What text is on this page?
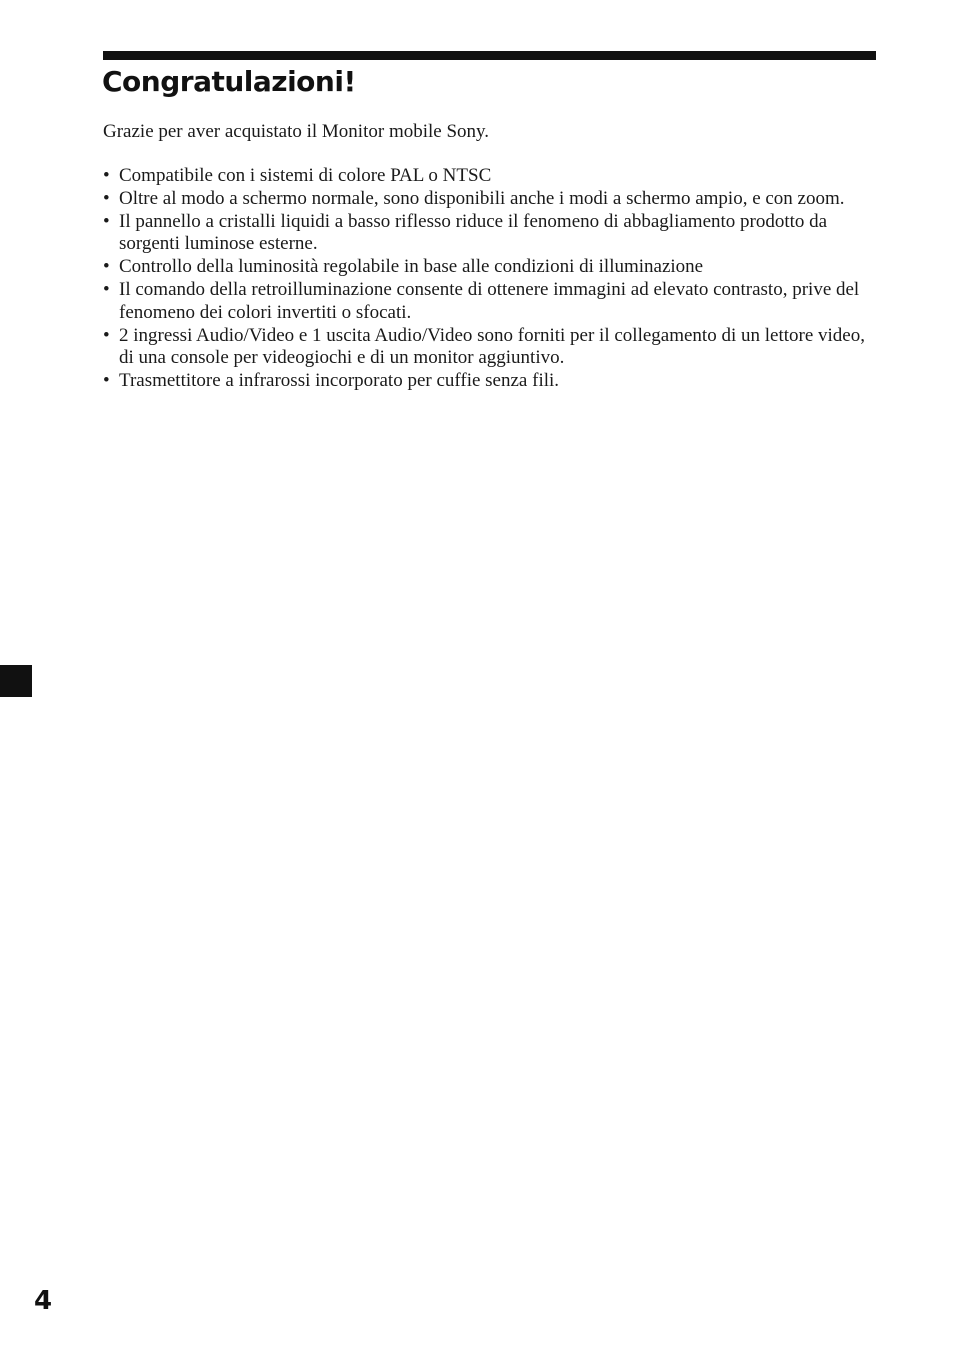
Congratulazioni!

Grazie per aver acquistato il Monitor mobile Sony.

• Compatibile con i sistemi di colore PAL o NTSC
• Oltre al modo a schermo normale, sono disponibili anche i modi a schermo ampio, e con zoom.
• Il pannello a cristalli liquidi a basso riflesso riduce il fenomeno di abbagliamento prodotto da sorgenti luminose esterne.
• Controllo della luminosità regolabile in base alle condizioni di illuminazione
• Il comando della retroilluminazione consente di ottenere immagini ad elevato contrasto, prive del fenomeno dei colori invertiti o sfocati.
• 2 ingressi Audio/Video e 1 uscita Audio/Video sono forniti per il collegamento di un lettore video, di una console per videogiochi e di un monitor aggiuntivo.
• Trasmettitore a infrarossi incorporato per cuffie senza fili.
4
